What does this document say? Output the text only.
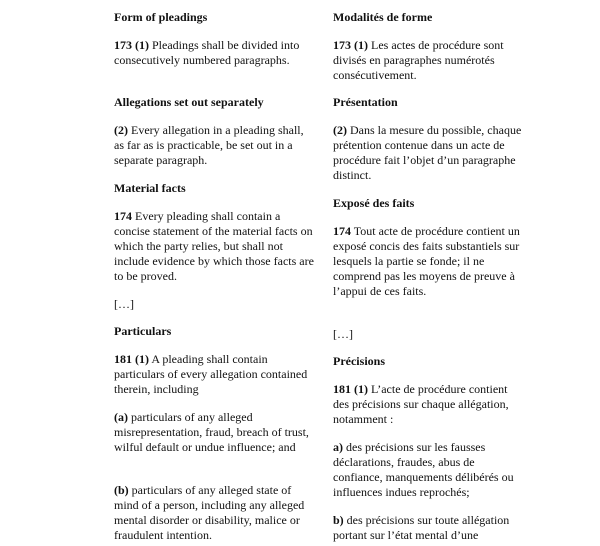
Form of pleadings
173 (1) Pleadings shall be divided into consecutively numbered paragraphs.
Allegations set out separately
(2) Every allegation in a pleading shall, as far as is practicable, be set out in a separate paragraph.
Material facts
174 Every pleading shall contain a concise statement of the material facts on which the party relies, but shall not include evidence by which those facts are to be proved.
[…]
Particulars
181 (1) A pleading shall contain particulars of every allegation contained therein, including
(a) particulars of any alleged misrepresentation, fraud, breach of trust, wilful default or undue influence; and
(b) particulars of any alleged state of mind of a person, including any alleged mental disorder or disability, malice or fraudulent intention.
Modalités de forme
173 (1) Les actes de procédure sont divisés en paragraphes numérotés consécutivement.
Présentation
(2) Dans la mesure du possible, chaque prétention contenue dans un acte de procédure fait l’objet d’un paragraphe distinct.
Exposé des faits
174 Tout acte de procédure contient un exposé concis des faits substantiels sur lesquels la partie se fonde; il ne comprend pas les moyens de preuve à l’appui de ces faits.
[…]
Précisions
181 (1) L’acte de procédure contient des précisions sur chaque allégation, notamment :
a) des précisions sur les fausses déclarations, fraudes, abus de confiance, manquements délibérés ou influences indues reprochés;
b) des précisions sur toute allégation portant sur l’état mental d’une
